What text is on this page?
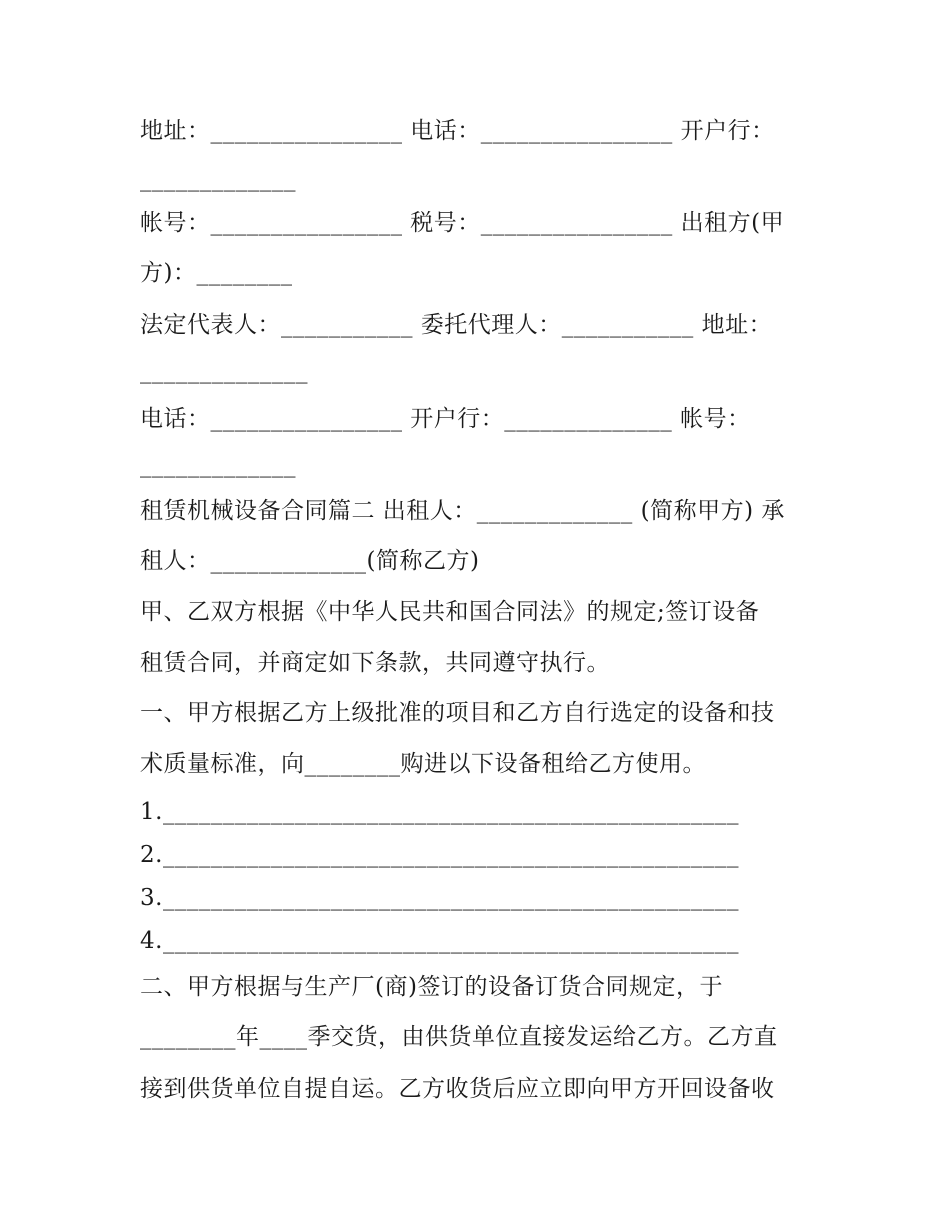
地址：________________ 电话：________________ 开户行：
_____________
帐号：________________ 税号：________________ 出租方(甲
方)：________
法定代表人：___________ 委托代理人：___________ 地址：
______________
电话：________________ 开户行：______________ 帐号：
_____________
租赁机械设备合同篇二 出租人：_____________ (简称甲方) 承
租人：_____________(简称乙方)
甲、乙双方根据《中华人民共和国合同法》的规定;签订设备
租赁合同，并商定如下条款，共同遵守执行。
一、甲方根据乙方上级批准的项目和乙方自行选定的设备和技
术质量标准，向________购进以下设备租给乙方使用。
1.________________________________________________
2.________________________________________________
3.________________________________________________
4.________________________________________________
二、甲方根据与生产厂(商)签订的设备订货合同规定，于
________年____季交货，由供货单位直接发运给乙方。乙方直
接到供货单位自提自运。乙方收货后应立即向甲方开回设备收
